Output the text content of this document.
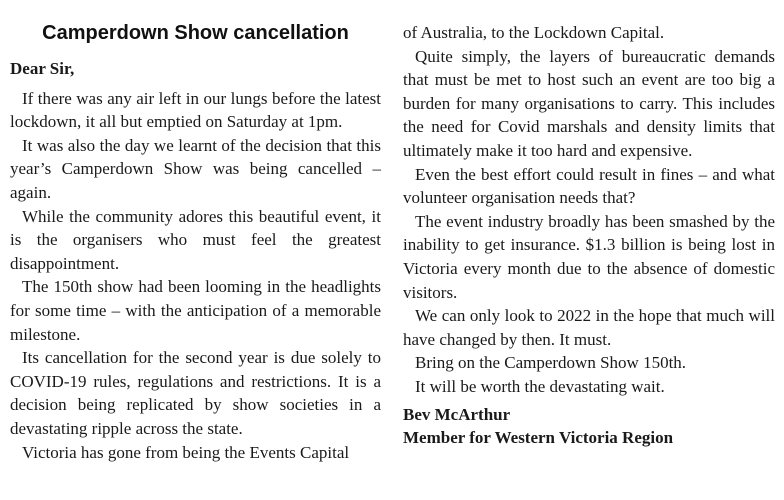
Camperdown Show cancellation
Dear Sir,

If there was any air left in our lungs before the latest lockdown, it all but emptied on Saturday at 1pm.

It was also the day we learnt of the decision that this year’s Camperdown Show was being cancelled – again.

While the community adores this beautiful event, it is the organisers who must feel the greatest disappointment.

The 150th show had been looming in the headlights for some time – with the anticipation of a memorable milestone.

Its cancellation for the second year is due solely to COVID-19 rules, regulations and restrictions. It is a decision being replicated by show societies in a devastating ripple across the state.

Victoria has gone from being the Events Capital

of Australia, to the Lockdown Capital.

Quite simply, the layers of bureaucratic demands that must be met to host such an event are too big a burden for many organisations to carry. This includes the need for Covid marshals and density limits that ultimately make it too hard and expensive.

Even the best effort could result in fines – and what volunteer organisation needs that?

The event industry broadly has been smashed by the inability to get insurance. $1.3 billion is being lost in Victoria every month due to the absence of domestic visitors.

We can only look to 2022 in the hope that much will have changed by then. It must.

Bring on the Camperdown Show 150th.

It will be worth the devastating wait.

Bev McArthur

Member for Western Victoria Region
